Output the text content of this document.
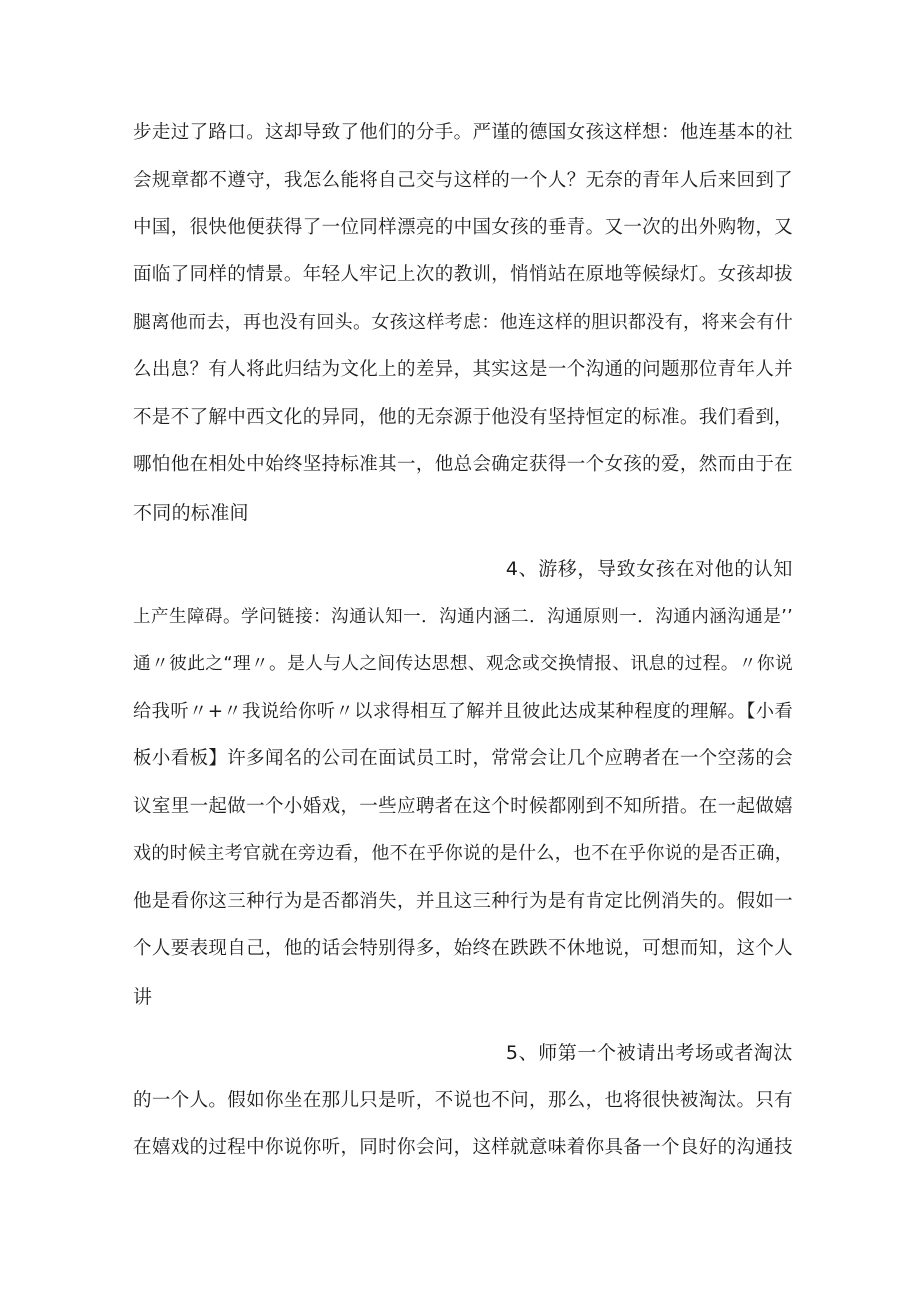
步走过了路口。这却导致了他们的分手。严谨的德国女孩这样想：他连基本的社
会规章都不遵守，我怎么能将自己交与这样的一个人？无奈的青年人后来回到了
中国，很快他便获得了一位同样漂亮的中国女孩的垂青。又一次的出外购物，又
面临了同样的情景。年轻人牢记上次的教训，悄悄站在原地等候绿灯。女孩却拔
腿离他而去，再也没有回头。女孩这样考虑：他连这样的胆识都没有，将来会有什
么出息？有人将此归结为文化上的差异，其实这是一个沟通的问题那位青年人并
不是不了解中西文化的异同，他的无奈源于他没有坚持恒定的标准。我们看到，
哪怕他在相处中始终坚持标准其一，他总会确定获得一个女孩的爱，然而由于在
不同的标准间
4、游移，导致女孩在对他的认知
上产生障碍。学问链接：沟通认知一．沟通内涵二．沟通原则一．沟通内涵沟通是’’
通〃彼此之“理〃。是人与人之间传达思想、观念或交换情报、讯息的过程。〃你说
给我听〃+〃我说给你听〃以求得相互了解并且彼此达成某种程度的理解。【小看
板小看板】许多闻名的公司在面试员工时，常常会让几个应聘者在一个空荡的会
议室里一起做一个小婚戏，一些应聘者在这个时候都刚到不知所措。在一起做嬉
戏的时候主考官就在旁边看，他不在乎你说的是什么，也不在乎你说的是否正确，
他是看你这三种行为是否都消失，并且这三种行为是有肯定比例消失的。假如一
个人要表现自己，他的话会特别得多，始终在跌跌不休地说，可想而知，这个人
讲
5、师第一个被请出考场或者淘汰
的一个人。假如你坐在那儿只是听，不说也不问，那么，也将很快被淘汰。只有
在嬉戏的过程中你说你听，同时你会问，这样就意味着你具备一个良好的沟通技
